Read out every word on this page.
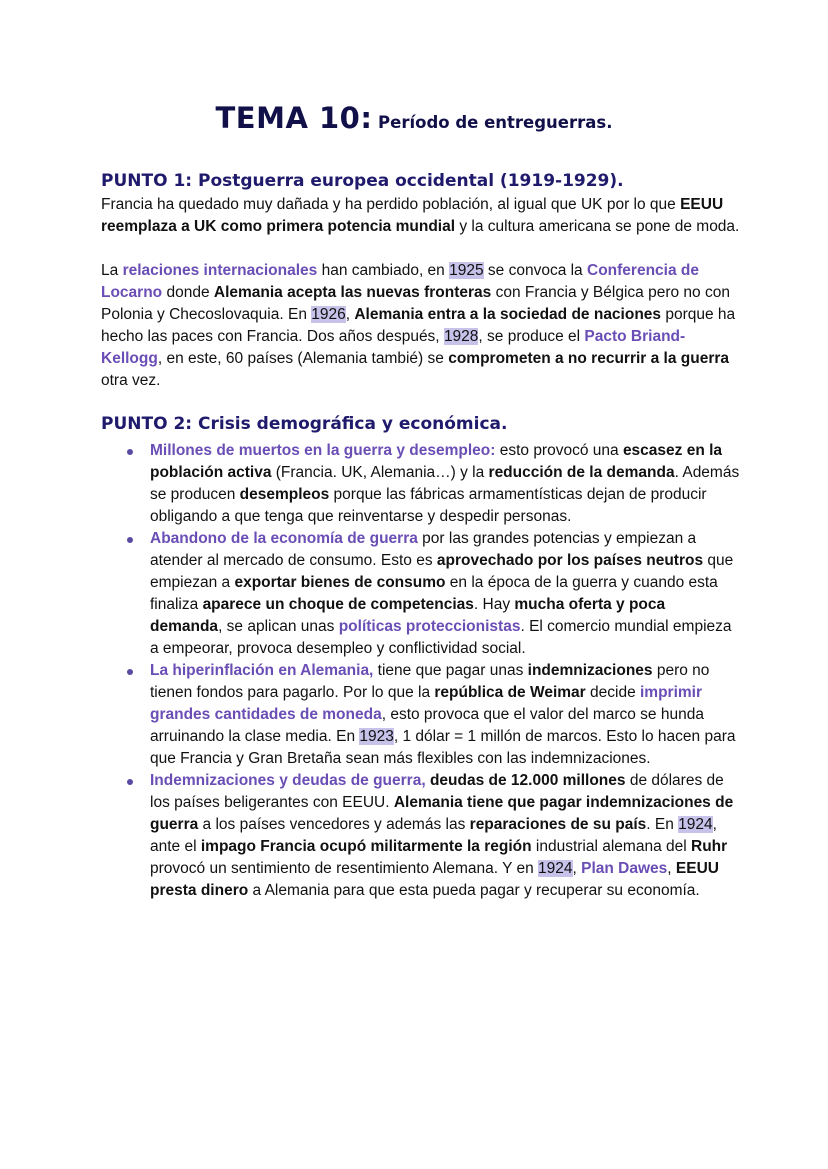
TEMA 10: Período de entreguerras.
PUNTO 1: Postguerra europea occidental (1919-1929).

Francia ha quedado muy dañada y ha perdido población, al igual que UK por lo que EEUU reemplaza a UK como primera potencia mundial y la cultura americana se pone de moda.

La relaciones internacionales han cambiado, en 1925 se convoca la Conferencia de Locarno donde Alemania acepta las nuevas fronteras con Francia y Bélgica pero no con Polonia y Checoslovaquia. En 1926, Alemania entra a la sociedad de naciones porque ha hecho las paces con Francia. Dos años después, 1928, se produce el Pacto Briand-Kellogg, en este, 60 países (Alemania tambié) se comprometen a no recurrir a la guerra otra vez.

PUNTO 2: Crisis demográfica y económica.
Millones de muertos en la guerra y desempleo: esto provocó una escasez en la población activa (Francia. UK, Alemania…) y la reducción de la demanda. Además se producen desempleos porque las fábricas armamentísticas dejan de producir obligando a que tenga que reinventarse y despedir personas.
Abandono de la economía de guerra por las grandes potencias y empiezan a atender al mercado de consumo. Esto es aprovechado por los países neutros que empiezan a exportar bienes de consumo en la época de la guerra y cuando esta finaliza aparece un choque de competencias. Hay mucha oferta y poca demanda, se aplican unas políticas proteccionistas. El comercio mundial empieza a empeorar, provoca desempleo y conflictividad social.
La hiperinflación en Alemania, tiene que pagar unas indemnizaciones pero no tienen fondos para pagarlo. Por lo que la república de Weimar decide imprimir grandes cantidades de moneda, esto provoca que el valor del marco se hunda arruinando la clase media. En 1923, 1 dólar = 1 millón de marcos. Esto lo hacen para que Francia y Gran Bretaña sean más flexibles con las indemnizaciones.
Indemnizaciones y deudas de guerra, deudas de 12.000 millones de dólares de los países beligerantes con EEUU. Alemania tiene que pagar indemnizaciones de guerra a los países vencedores y además las reparaciones de su país. En 1924, ante el impago Francia ocupó militarmente la región industrial alemana del Ruhr provocó un sentimiento de resentimiento Alemana. Y en 1924, Plan Dawes, EEUU presta dinero a Alemania para que esta pueda pagar y recuperar su economía.
